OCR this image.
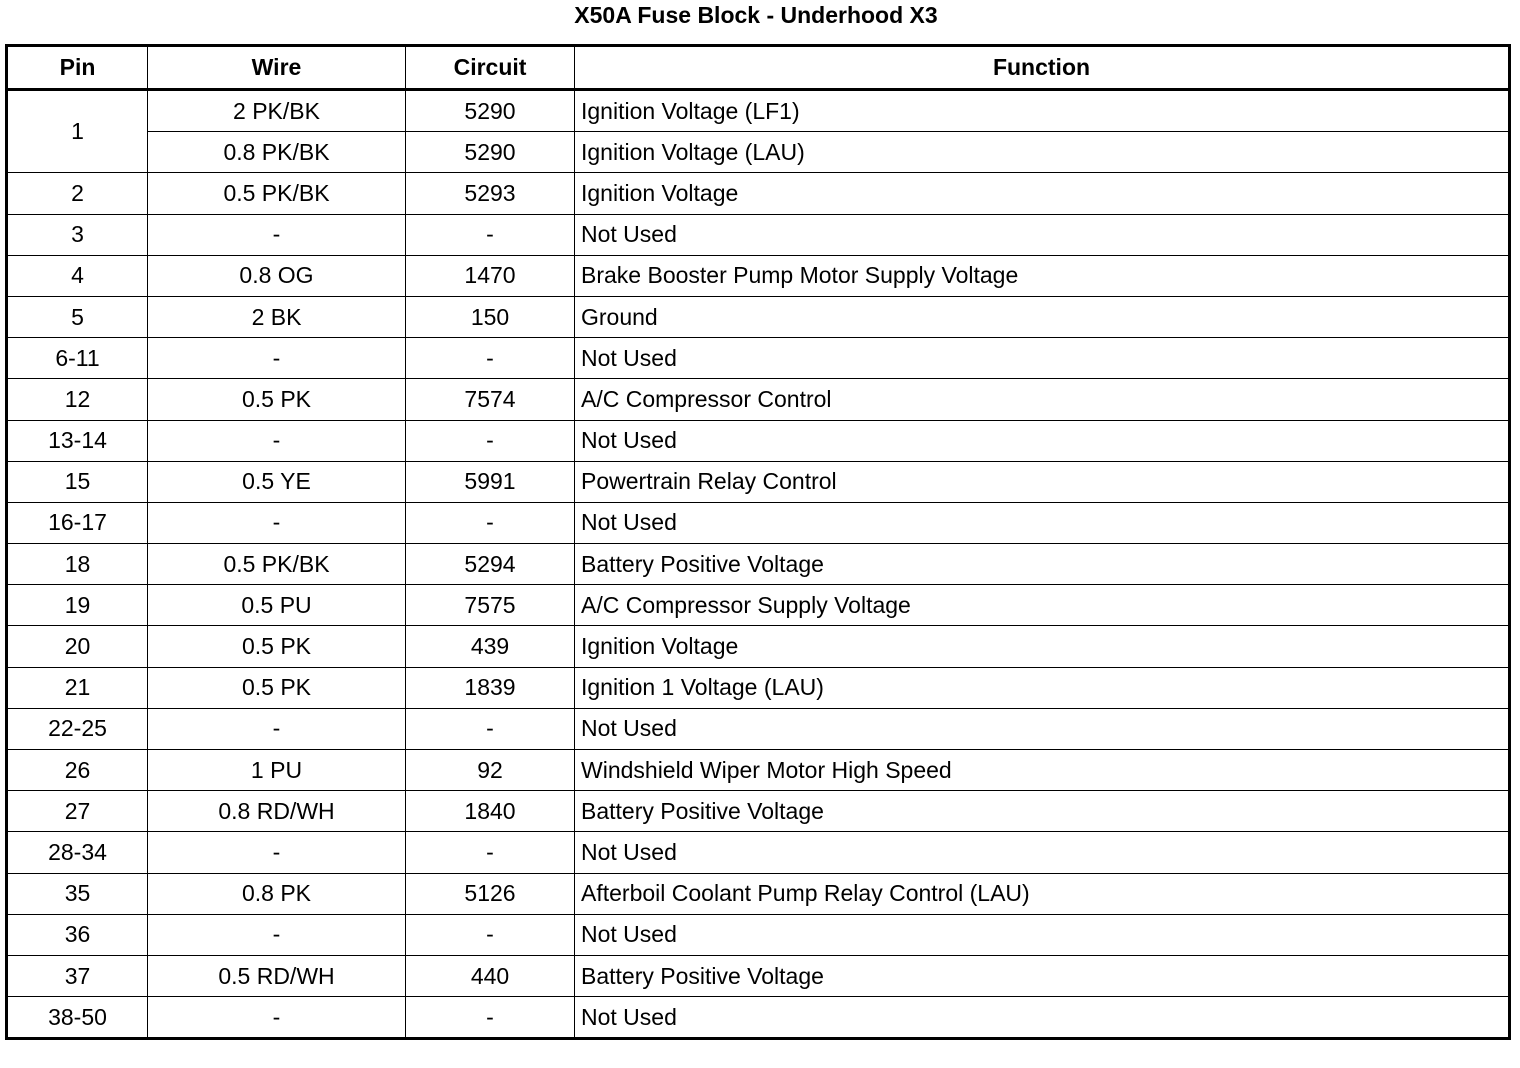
X50A Fuse Block - Underhood X3
Pin	Wire	Circuit	Function
1	2 PK/BK	5290	Ignition Voltage (LF1)
	0.8 PK/BK	5290	Ignition Voltage (LAU)
2	0.5 PK/BK	5293	Ignition Voltage
3	-	-	Not Used
4	0.8 OG	1470	Brake Booster Pump Motor Supply Voltage
5	2 BK	150	Ground
6-11	-	-	Not Used
12	0.5 PK	7574	A/C Compressor Control
13-14	-	-	Not Used
15	0.5 YE	5991	Powertrain Relay Control
16-17	-	-	Not Used
18	0.5 PK/BK	5294	Battery Positive Voltage
19	0.5 PU	7575	A/C Compressor Supply Voltage
20	0.5 PK	439	Ignition Voltage
21	0.5 PK	1839	Ignition 1 Voltage (LAU)
22-25	-	-	Not Used
26	1 PU	92	Windshield Wiper Motor High Speed
27	0.8 RD/WH	1840	Battery Positive Voltage
28-34	-	-	Not Used
35	0.8 PK	5126	Afterboil Coolant Pump Relay Control (LAU)
36	-	-	Not Used
37	0.5 RD/WH	440	Battery Positive Voltage
38-50	-	-	Not Used
